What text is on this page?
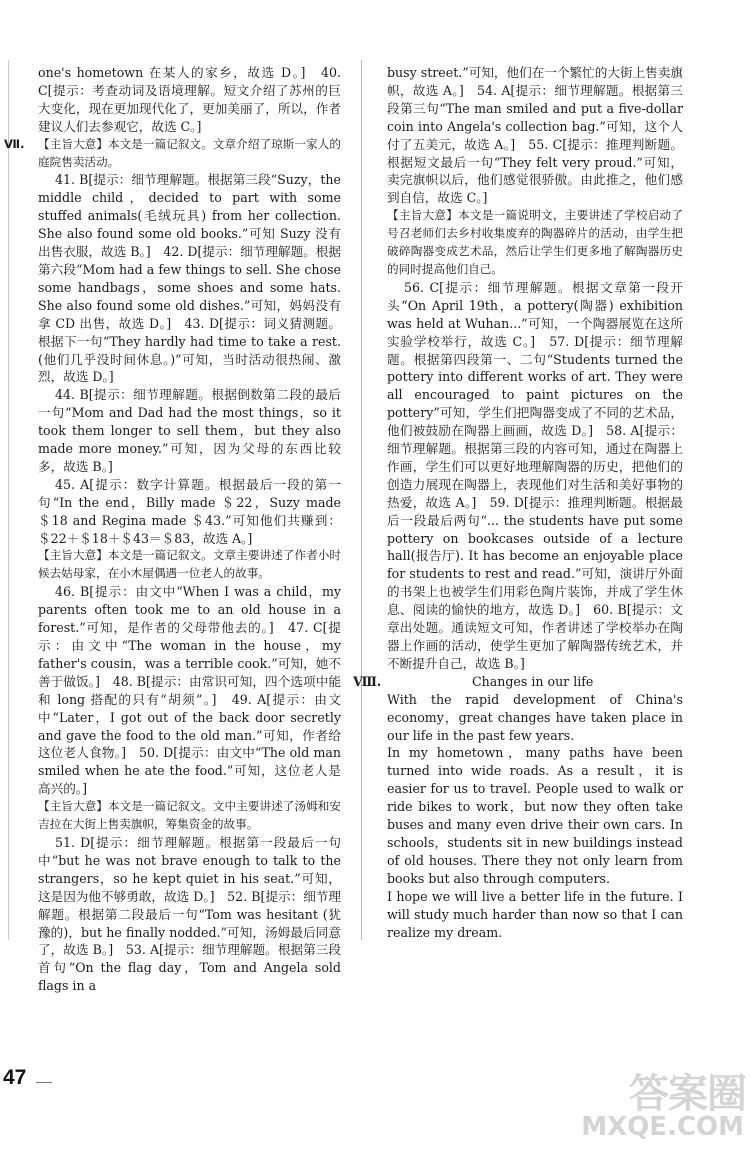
one's hometown 在某人的家乡，故选 D。]　40. C[提示：考查动词及语境理解。短文介绍了苏州的巨大变化，现在更加现代化了，更加美丽了，所以，作者建议人们去参观它，故选 C。]

Ⅶ. 【主旨大意】本文是一篇记叙文。文章介绍了琼斯一家人的庭院售卖活动。

41. B[提示：细节理解题。根据第三段“Suzy，the middle child，decided to part with some stuffed animals(毛绒玩具) from her collection. She also found some old books.”可知 Suzy 没有出售衣服，故选 B。]　42. D[提示：细节理解题。根据第六段“Mom had a few things to sell. She chose some handbags，some shoes and some hats. She also found some old dishes.”可知，妈妈没有拿 CD 出售，故选 D。]　43. D[提示：词义猜测题。根据下一句“They hardly had time to take a rest.(他们几乎没时间休息。)”可知，当时活动很热闹、激烈，故选 D。]

44. B[提示：细节理解题。根据倒数第二段的最后一句“Mom and Dad had the most things，so it took them longer to sell them，but they also made more money.”可知，因为父母的东西比较多，故选 B。]

45. A[提示：数字计算题。根据最后一段的第一句“In the end，Billy made ＄22，Suzy made ＄18 and Regina made ＄43.”可知他们共赚到：＄22＋＄18＋＄43＝＄83，故选 A。]

【主旨大意】本文是一篇记叙文。文章主要讲述了作者小时候去姑母家，在小木屋偶遇一位老人的故事。

46. B[提示：由文中“When I was a child，my parents often took me to an old house in a forest.”可知，是作者的父母带他去的。]　47. C[提示：由文中“The woman in the house，my father's cousin，was a terrible cook.”可知，她不善于做饭。]　48. B[提示：由常识可知，四个选项中能和 long 搭配的只有“胡须”。]　49. A[提示：由文中“Later，I got out of the back door secretly and gave the food to the old man.”可知，作者给这位老人食物。]　50. D[提示：由文中“The old man smiled when he ate the food.”可知，这位老人是高兴的。]

【主旨大意】本文是一篇记叙文。文中主要讲述了汤姆和安吉拉在大街上售卖旗帜，筹集资金的故事。

51. D[提示：细节理解题。根据第一段最后一句中“but he was not brave enough to talk to the strangers，so he kept quiet in his seat.”可知，这是因为他不够勇敢，故选 D。]　52. B[提示：细节理解题。根据第二段最后一句“Tom was hesitant (犹豫的)，but he finally nodded.”可知，汤姆最后同意了，故选 B。]　53. A[提示：细节理解题。根据第三段首句“On the flag day，Tom and Angela sold flags in a

busy street.”可知，他们在一个繁忙的大街上售卖旗帜，故选 A。]　54. A[提示：细节理解题。根据第三段第三句“The man smiled and put a five-dollar coin into Angela's collection bag.”可知，这个人付了五美元，故选 A。]　55. C[提示：推理判断题。根据短文最后一句“They felt very proud.”可知，卖完旗帜以后，他们感觉很骄傲。由此推之，他们感到自信，故选 C。]

【主旨大意】本文是一篇说明文，主要讲述了学校启动了号召老师们去乡村收集废弃的陶器碎片的活动，由学生把破碎陶器变成艺术品，然后让学生们更多地了解陶器历史的同时提高他们自己。

56. C[提示：细节理解题。根据文章第一段开头“On April 19th，a pottery(陶器) exhibition was held at Wuhan...”可知，一个陶器展览在这所实验学校举行，故选 C。]　57. D[提示：细节理解题。根据第四段第一、二句“Students turned the pottery into different works of art. They were all encouraged to paint pictures on the pottery”可知，学生们把陶器变成了不同的艺术品，他们被鼓励在陶器上画画，故选 D。]　58. A[提示：细节理解题。根据第三段的内容可知，通过在陶器上作画，学生们可以更好地理解陶器的历史，把他们的创造力展现在陶器上，表现他们对生活和美好事物的热爱，故选 A。]　59. D[提示：推理判断题。根据最后一段最后两句“... the students have put some pottery on bookcases outside of a lecture hall(报告厅). It has become an enjoyable place for students to rest and read.”可知，演讲厅外面的书架上也被学生们用彩色陶片装饰，并成了学生休息、阅读的愉快的地方，故选 D。]　60. B[提示：文章出处题。通读短文可知，作者讲述了学校举办在陶器上作画的活动，使学生更加了解陶器传统艺术，并不断提升自己，故选 B。]

Ⅷ.	Changes in our life

With the rapid development of China's economy，great changes have taken place in our life in the past few years.

In my hometown，many paths have been turned into wide roads. As a result，it is easier for us to travel. People used to walk or ride bikes to work，but now they often take buses and many even drive their own cars. In schools，students sit in new buildings instead of old houses. There they not only learn from books but also through computers.

I hope we will live a better life in the future. I will study much harder than now so that I can realize my dream.

47	答案圈
MXQE.COM
